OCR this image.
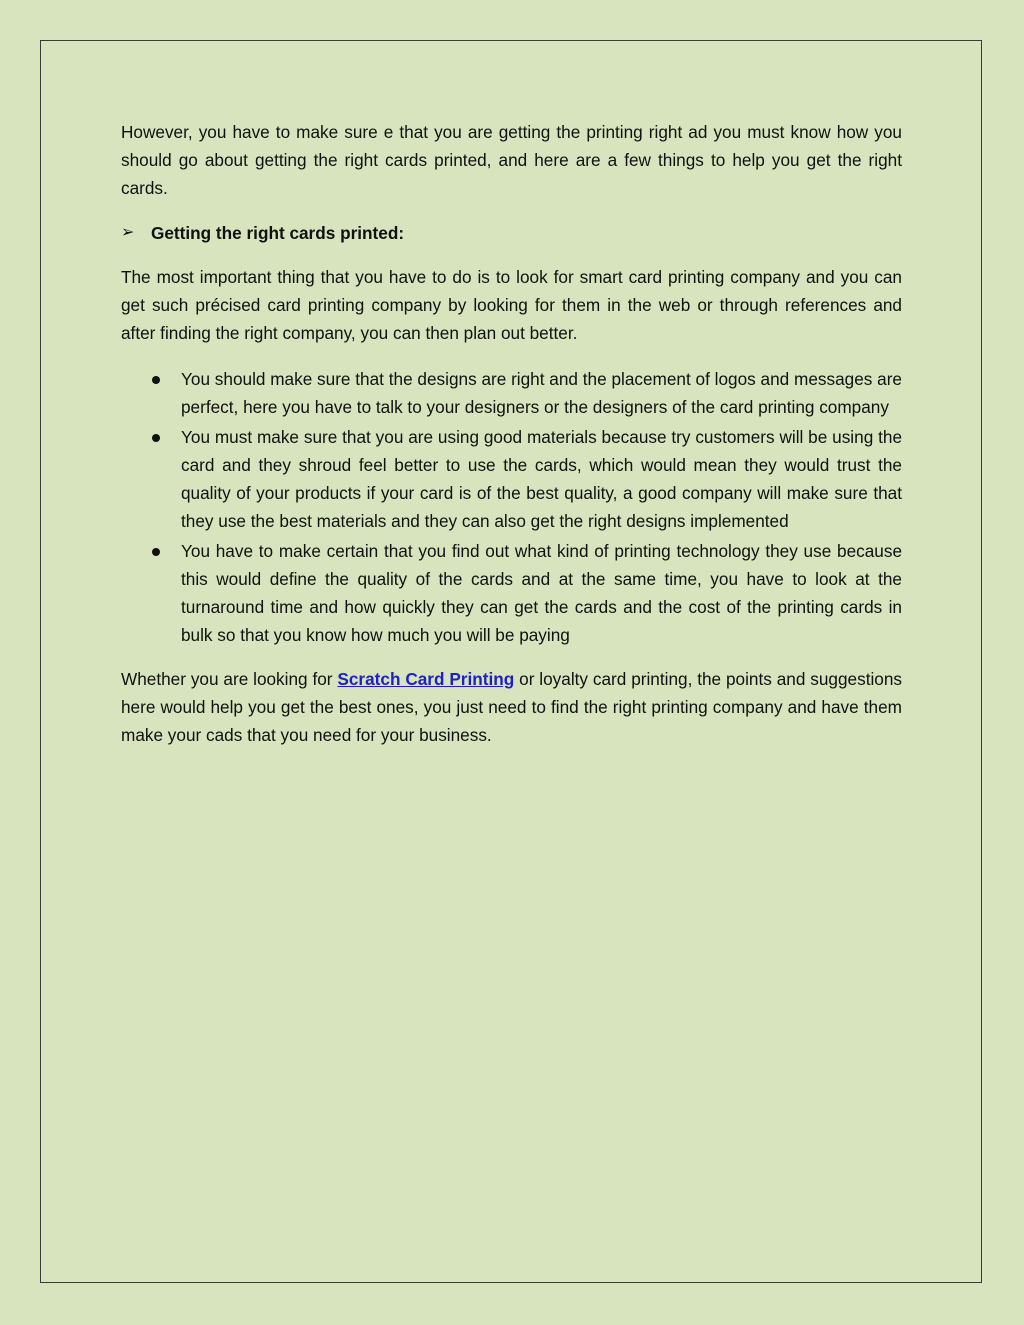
However, you have to make sure e that you are getting the printing right ad you must know how you should go about getting the right cards printed, and here are a few things to help you get the right cards.

➢ Getting the right cards printed:

The most important thing that you have to do is to look for smart card printing company and you can get such précised card printing company by looking for them in the web or through references and after finding the right company, you can then plan out better.

You should make sure that the designs are right and the placement of logos and messages are perfect, here you have to talk to your designers or the designers of the card printing company

You must make sure that you are using good materials because try customers will be using the card and they shroud feel better to use the cards, which would mean they would trust the quality of your products if your card is of the best quality, a good company will make sure that they use the best materials and they can also get the right designs implemented

You have to make certain that you find out what kind of printing technology they use because this would define the quality of the cards and at the same time, you have to look at the turnaround time and how quickly they can get the cards and the cost of the printing cards in bulk so that you know how much you will be paying

Whether you are looking for Scratch Card Printing or loyalty card printing, the points and suggestions here would help you get the best ones, you just need to find the right printing company and have them make your cads that you need for your business.
